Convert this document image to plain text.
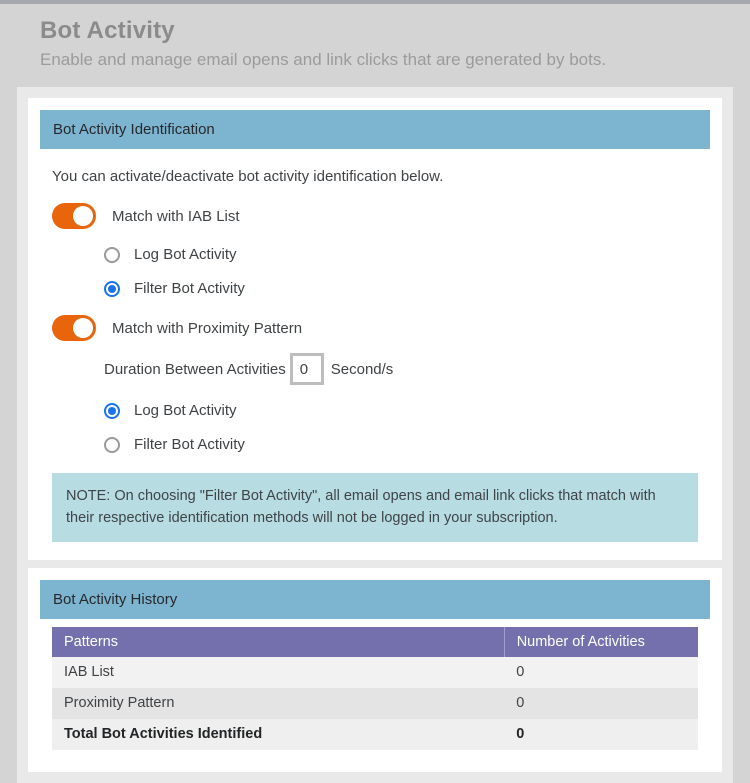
Bot Activity
Enable and manage email opens and link clicks that are generated by bots.
Bot Activity Identification
You can activate/deactivate bot activity identification below.
Match with IAB List
Log Bot Activity
Filter Bot Activity
Match with Proximity Pattern
Duration Between Activities
0	Second/s
Log Bot Activity
Filter Bot Activity
NOTE: On choosing "Filter Bot Activity", all email opens and email link clicks that match with their respective identification methods will not be logged in your subscription.
Bot Activity History
Patterns	Number of Activities
IAB List	0
Proximity Pattern	0
Total Bot Activities Identified	0
